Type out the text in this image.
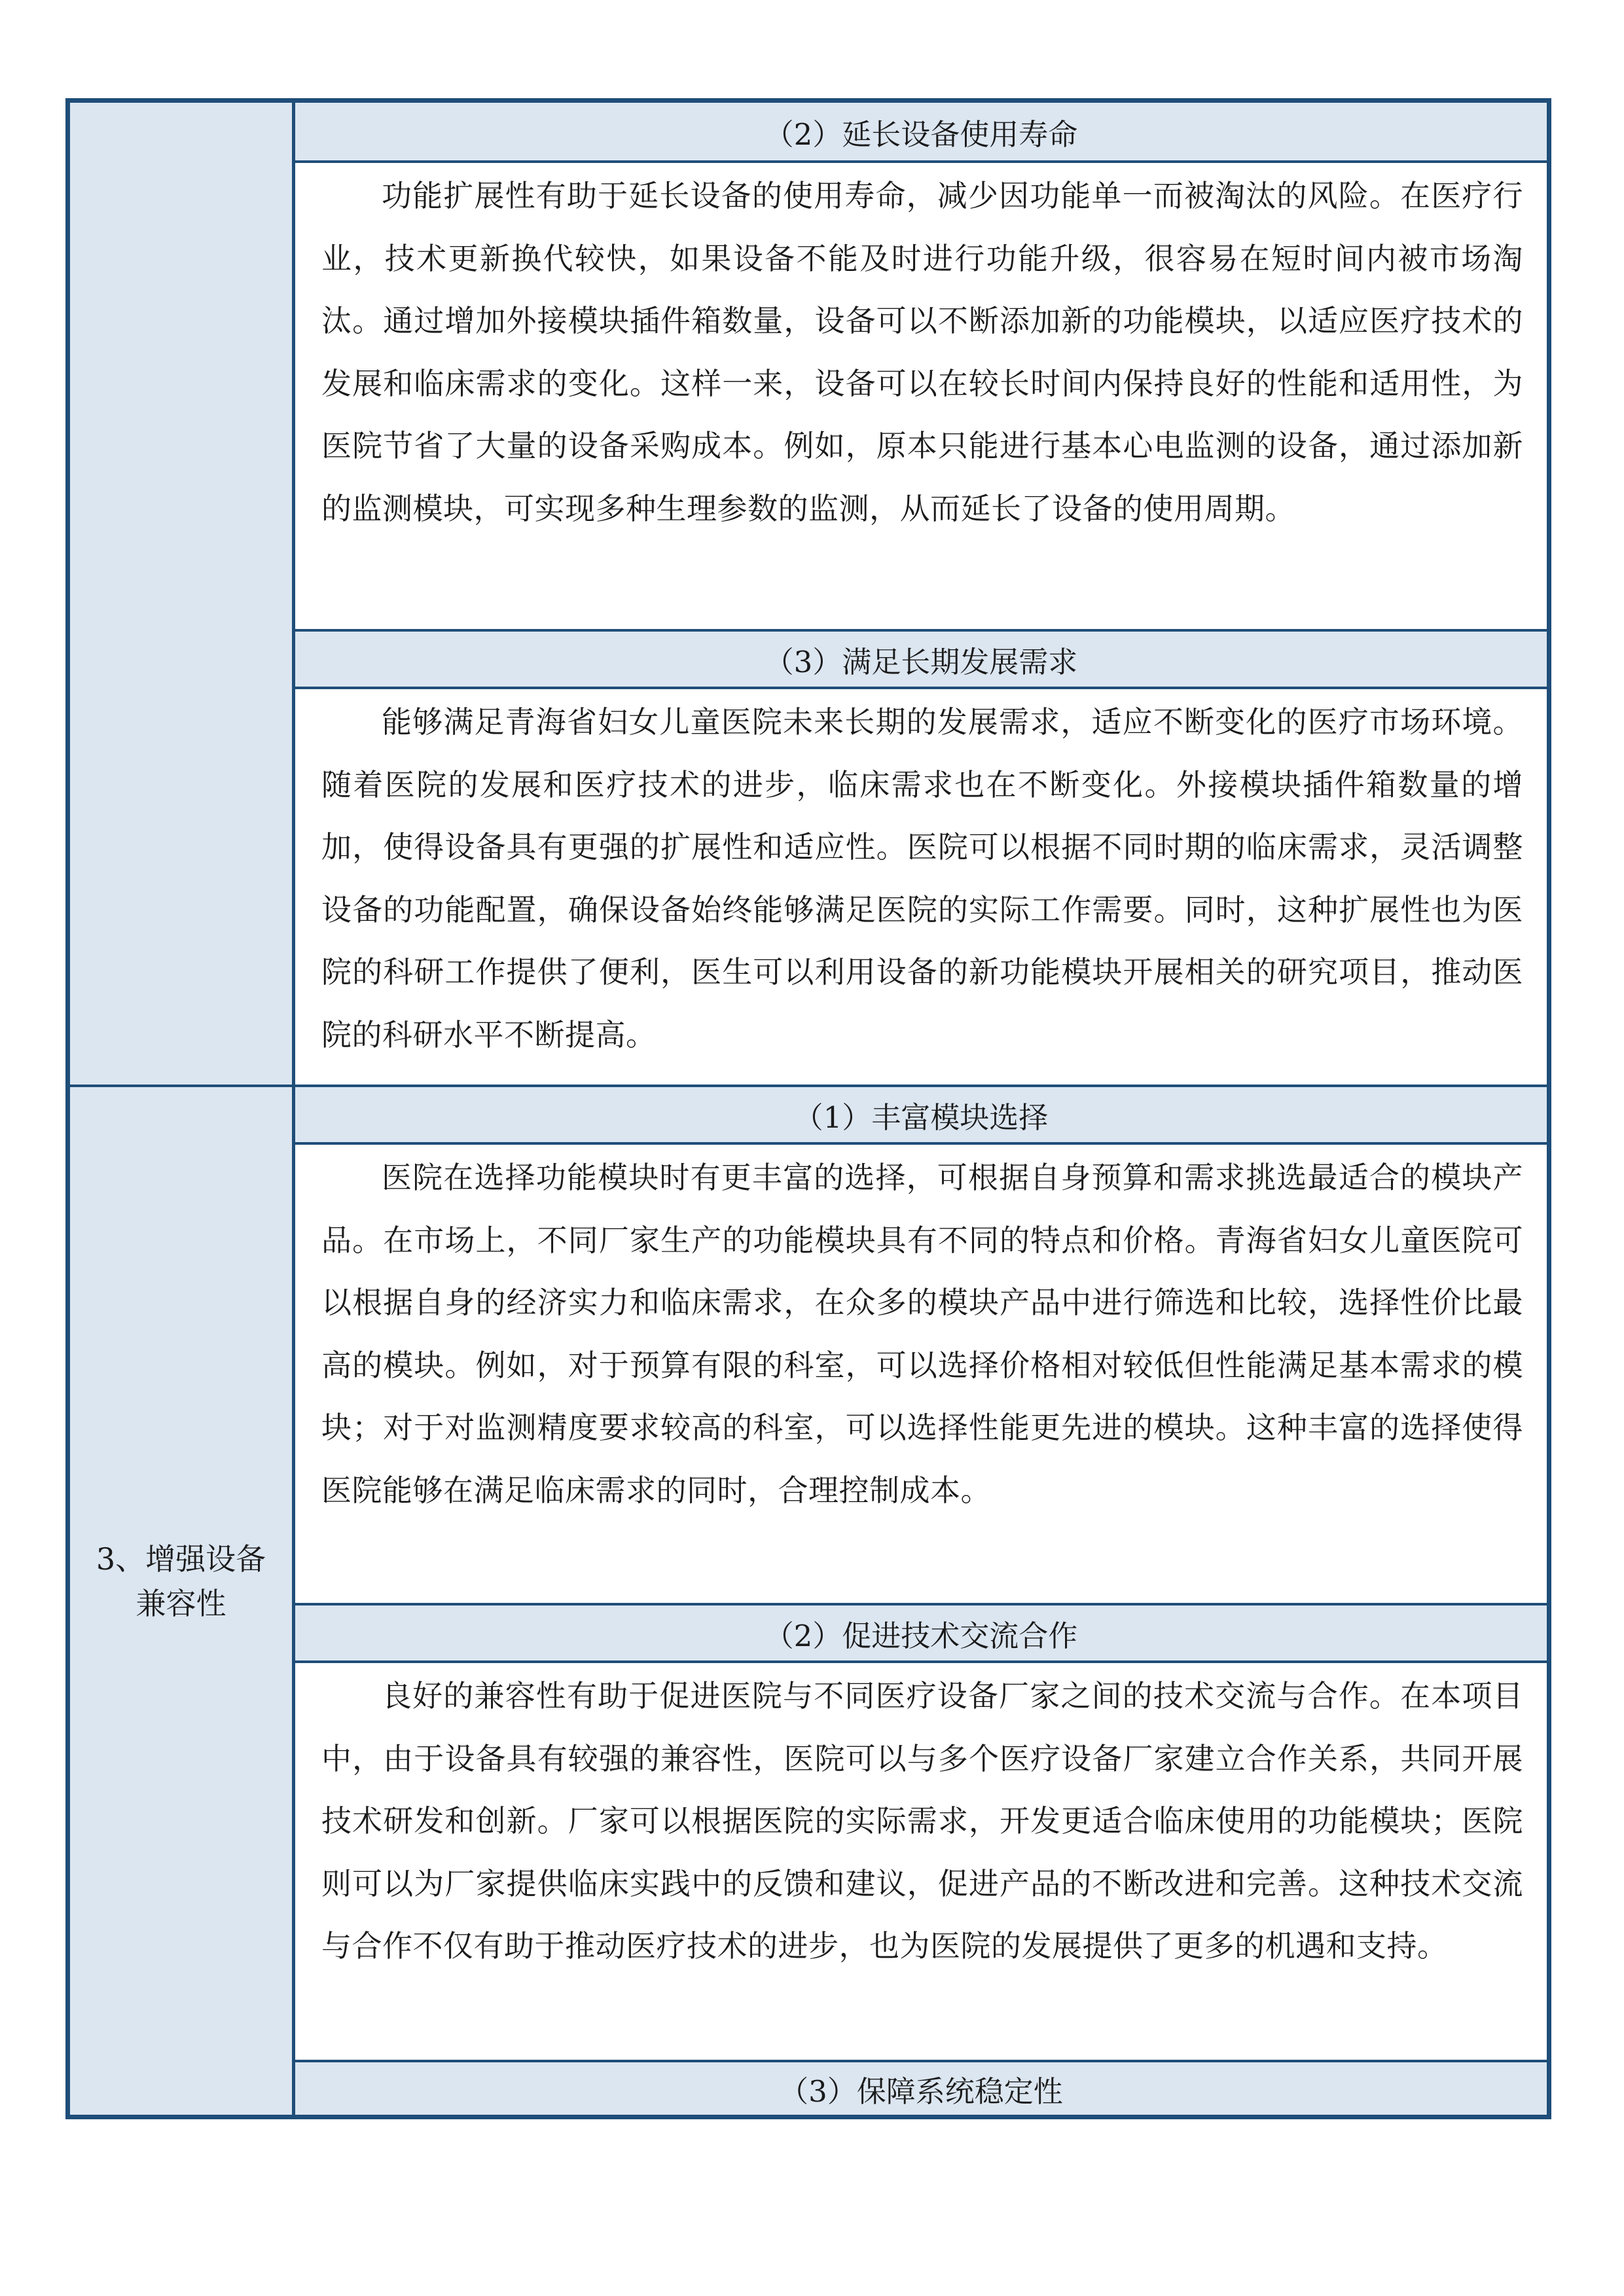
3、增强设备兼容性
（2）延长设备使用寿命

功能扩展性有助于延长设备的使用寿命，减少因功能单一而被淘汰的风险。在医疗行业，技术更新换代较快，如果设备不能及时进行功能升级，很容易在短时间内被市场淘汰。通过增加外接模块插件箱数量，设备可以不断添加新的功能模块，以适应医疗技术的发展和临床需求的变化。这样一来，设备可以在较长时间内保持良好的性能和适用性，为医院节省了大量的设备采购成本。例如，原本只能进行基本心电监测的设备，通过添加新的监测模块，可实现多种生理参数的监测，从而延长了设备的使用周期。

（3）满足长期发展需求

能够满足青海省妇女儿童医院未来长期的发展需求，适应不断变化的医疗市场环境。随着医院的发展和医疗技术的进步，临床需求也在不断变化。外接模块插件箱数量的增加，使得设备具有更强的扩展性和适应性。医院可以根据不同时期的临床需求，灵活调整设备的功能配置，确保设备始终能够满足医院的实际工作需要。同时，这种扩展性也为医院的科研工作提供了便利，医生可以利用设备的新功能模块开展相关的研究项目，推动医院的科研水平不断提高。

（1）丰富模块选择

医院在选择功能模块时有更丰富的选择，可根据自身预算和需求挑选最适合的模块产品。在市场上，不同厂家生产的功能模块具有不同的特点和价格。青海省妇女儿童医院可以根据自身的经济实力和临床需求，在众多的模块产品中进行筛选和比较，选择性价比最高的模块。例如，对于预算有限的科室，可以选择价格相对较低但性能满足基本需求的模块；对于对监测精度要求较高的科室，可以选择性能更先进的模块。这种丰富的选择使得医院能够在满足临床需求的同时，合理控制成本。

（2）促进技术交流合作

良好的兼容性有助于促进医院与不同医疗设备厂家之间的技术交流与合作。在本项目中，由于设备具有较强的兼容性，医院可以与多个医疗设备厂家建立合作关系，共同开展技术研发和创新。厂家可以根据医院的实际需求，开发更适合临床使用的功能模块；医院则可以为厂家提供临床实践中的反馈和建议，促进产品的不断改进和完善。这种技术交流与合作不仅有助于推动医疗技术的进步，也为医院的发展提供了更多的机遇和支持。

（3）保障系统稳定性
